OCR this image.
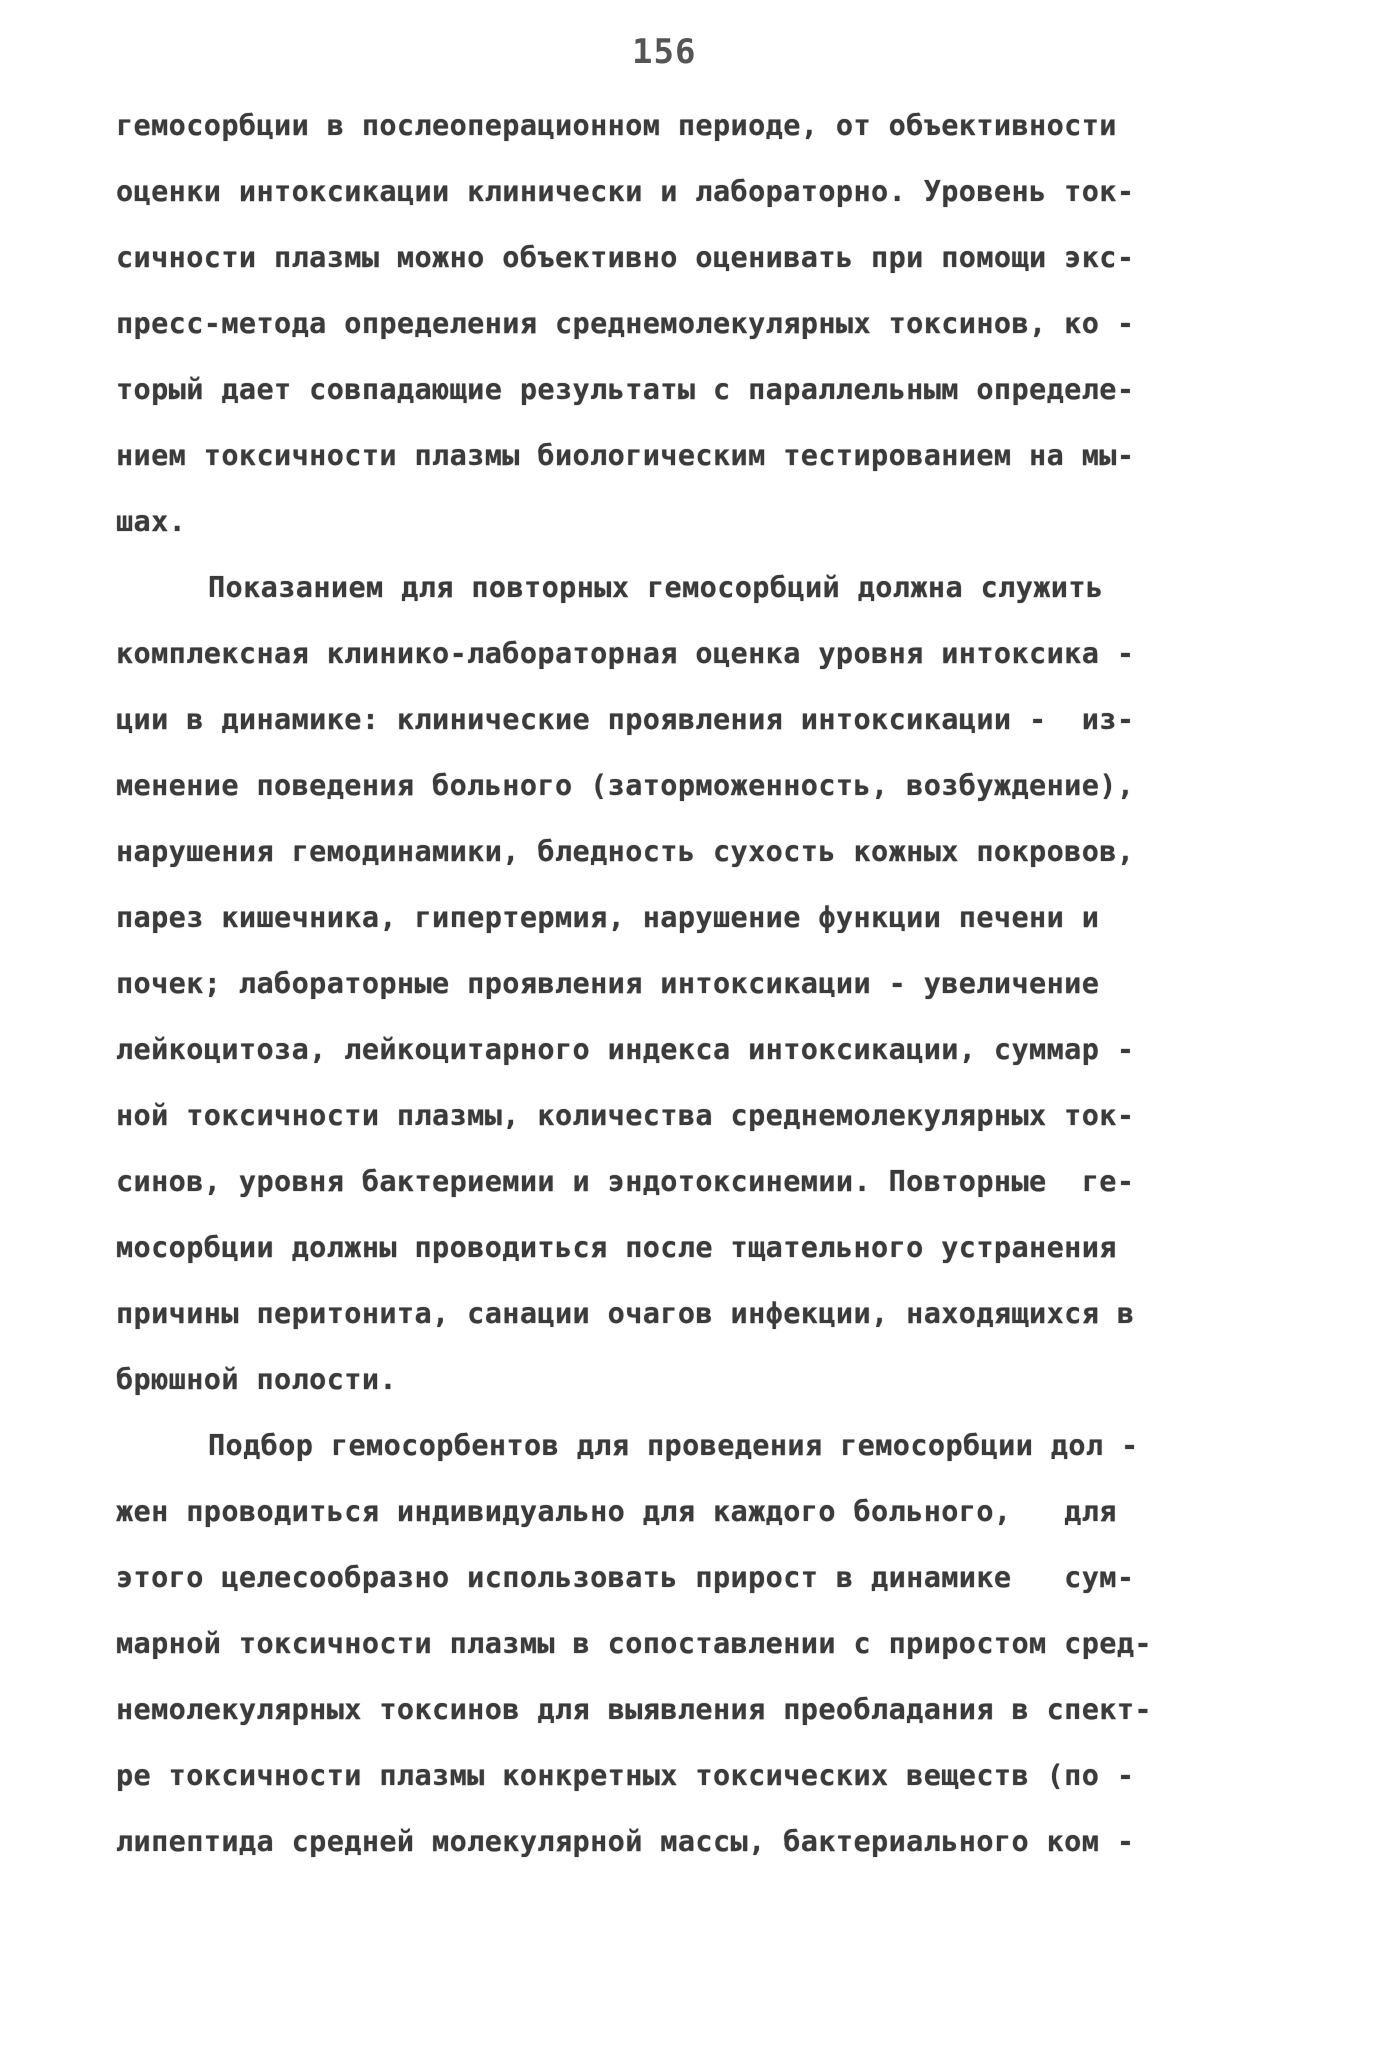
156
гемосорбции в послеоперационном периоде, от объективности
оценки интоксикации клинически и лабораторно. Уровень ток-
сичности плазмы можно объективно оценивать при помощи экс-
пресс-метода определения среднемолекулярных токсинов, ко -
торый дает совпадающие результаты с параллельным определе-
нием токсичности плазмы биологическим тестированием на мы-
шах.
Показанием для повторных гемосорбций должна служить
комплексная клинико-лабораторная оценка уровня интоксика -
ции в динамике: клинические проявления интоксикации -  из-
менение поведения больного (заторможенность, возбуждение),
нарушения гемодинамики, бледность сухость кожных покровов,
парез кишечника, гипертермия, нарушение функции печени и
почек; лабораторные проявления интоксикации - увеличение
лейкоцитоза, лейкоцитарного индекса интоксикации, суммар -
ной токсичности плазмы, количества среднемолекулярных ток-
синов, уровня бактериемии и эндотоксинемии. Повторные  ге-
мосорбции должны проводиться после тщательного устранения
причины перитонита, санации очагов инфекции, находящихся в
брюшной полости.
Подбор гемосорбентов для проведения гемосорбции дол -
жен проводиться индивидуально для каждого больного,   для
этого целесообразно использовать прирост в динамике   сум-
марной токсичности плазмы в сопоставлении с приростом сред-
немолекулярных токсинов для выявления преобладания в спект-
ре токсичности плазмы конкретных токсических веществ (по -
липептида средней молекулярной массы, бактериального ком -
